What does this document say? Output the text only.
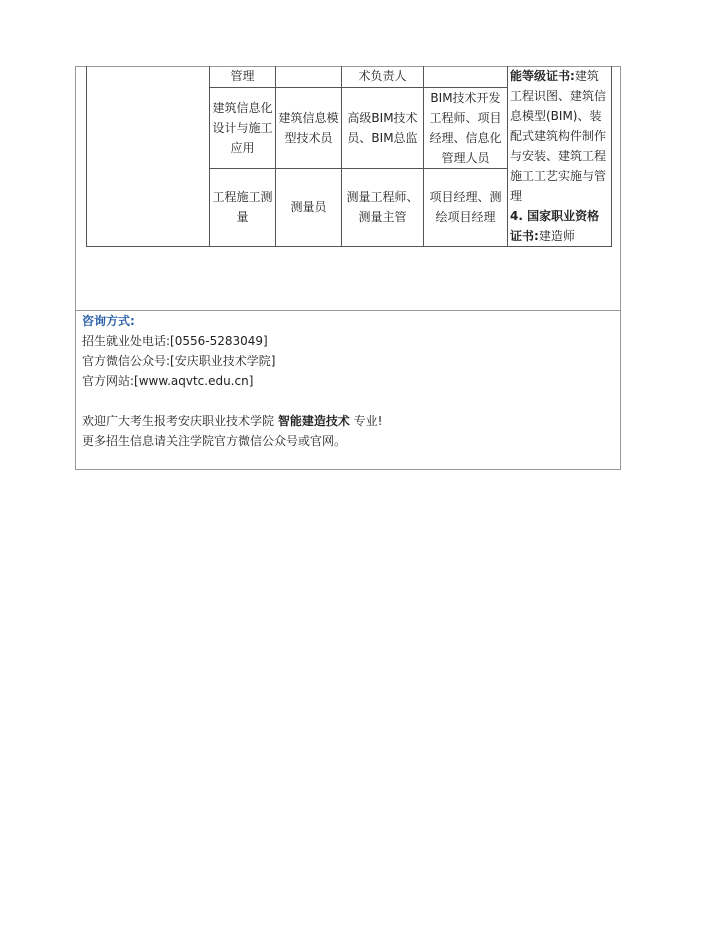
	管理		术负责人		能等级证书:建筑工程识图、建筑信息模型(BIM)、装配式建筑构件制作与安装、建筑工程施工工艺实施与管理
4. 国家职业资格证书:建造师
	建筑信息化设计与施工应用	建筑信息模型技术员	高级BIM技术员、BIM总监	BIM技术开发工程师、项目经理、信息化管理人员	
	工程施工测量	测量员	测量工程师、测量主管	项目经理、测绘项目经理	
咨询方式:
招生就业处电话:[0556-5283049]
官方微信公众号:[安庆职业技术学院]
官方网站:[www.aqvtc.edu.cn]
欢迎广大考生报考安庆职业技术学院 智能建造技术 专业!
更多招生信息请关注学院官方微信公众号或官网。
